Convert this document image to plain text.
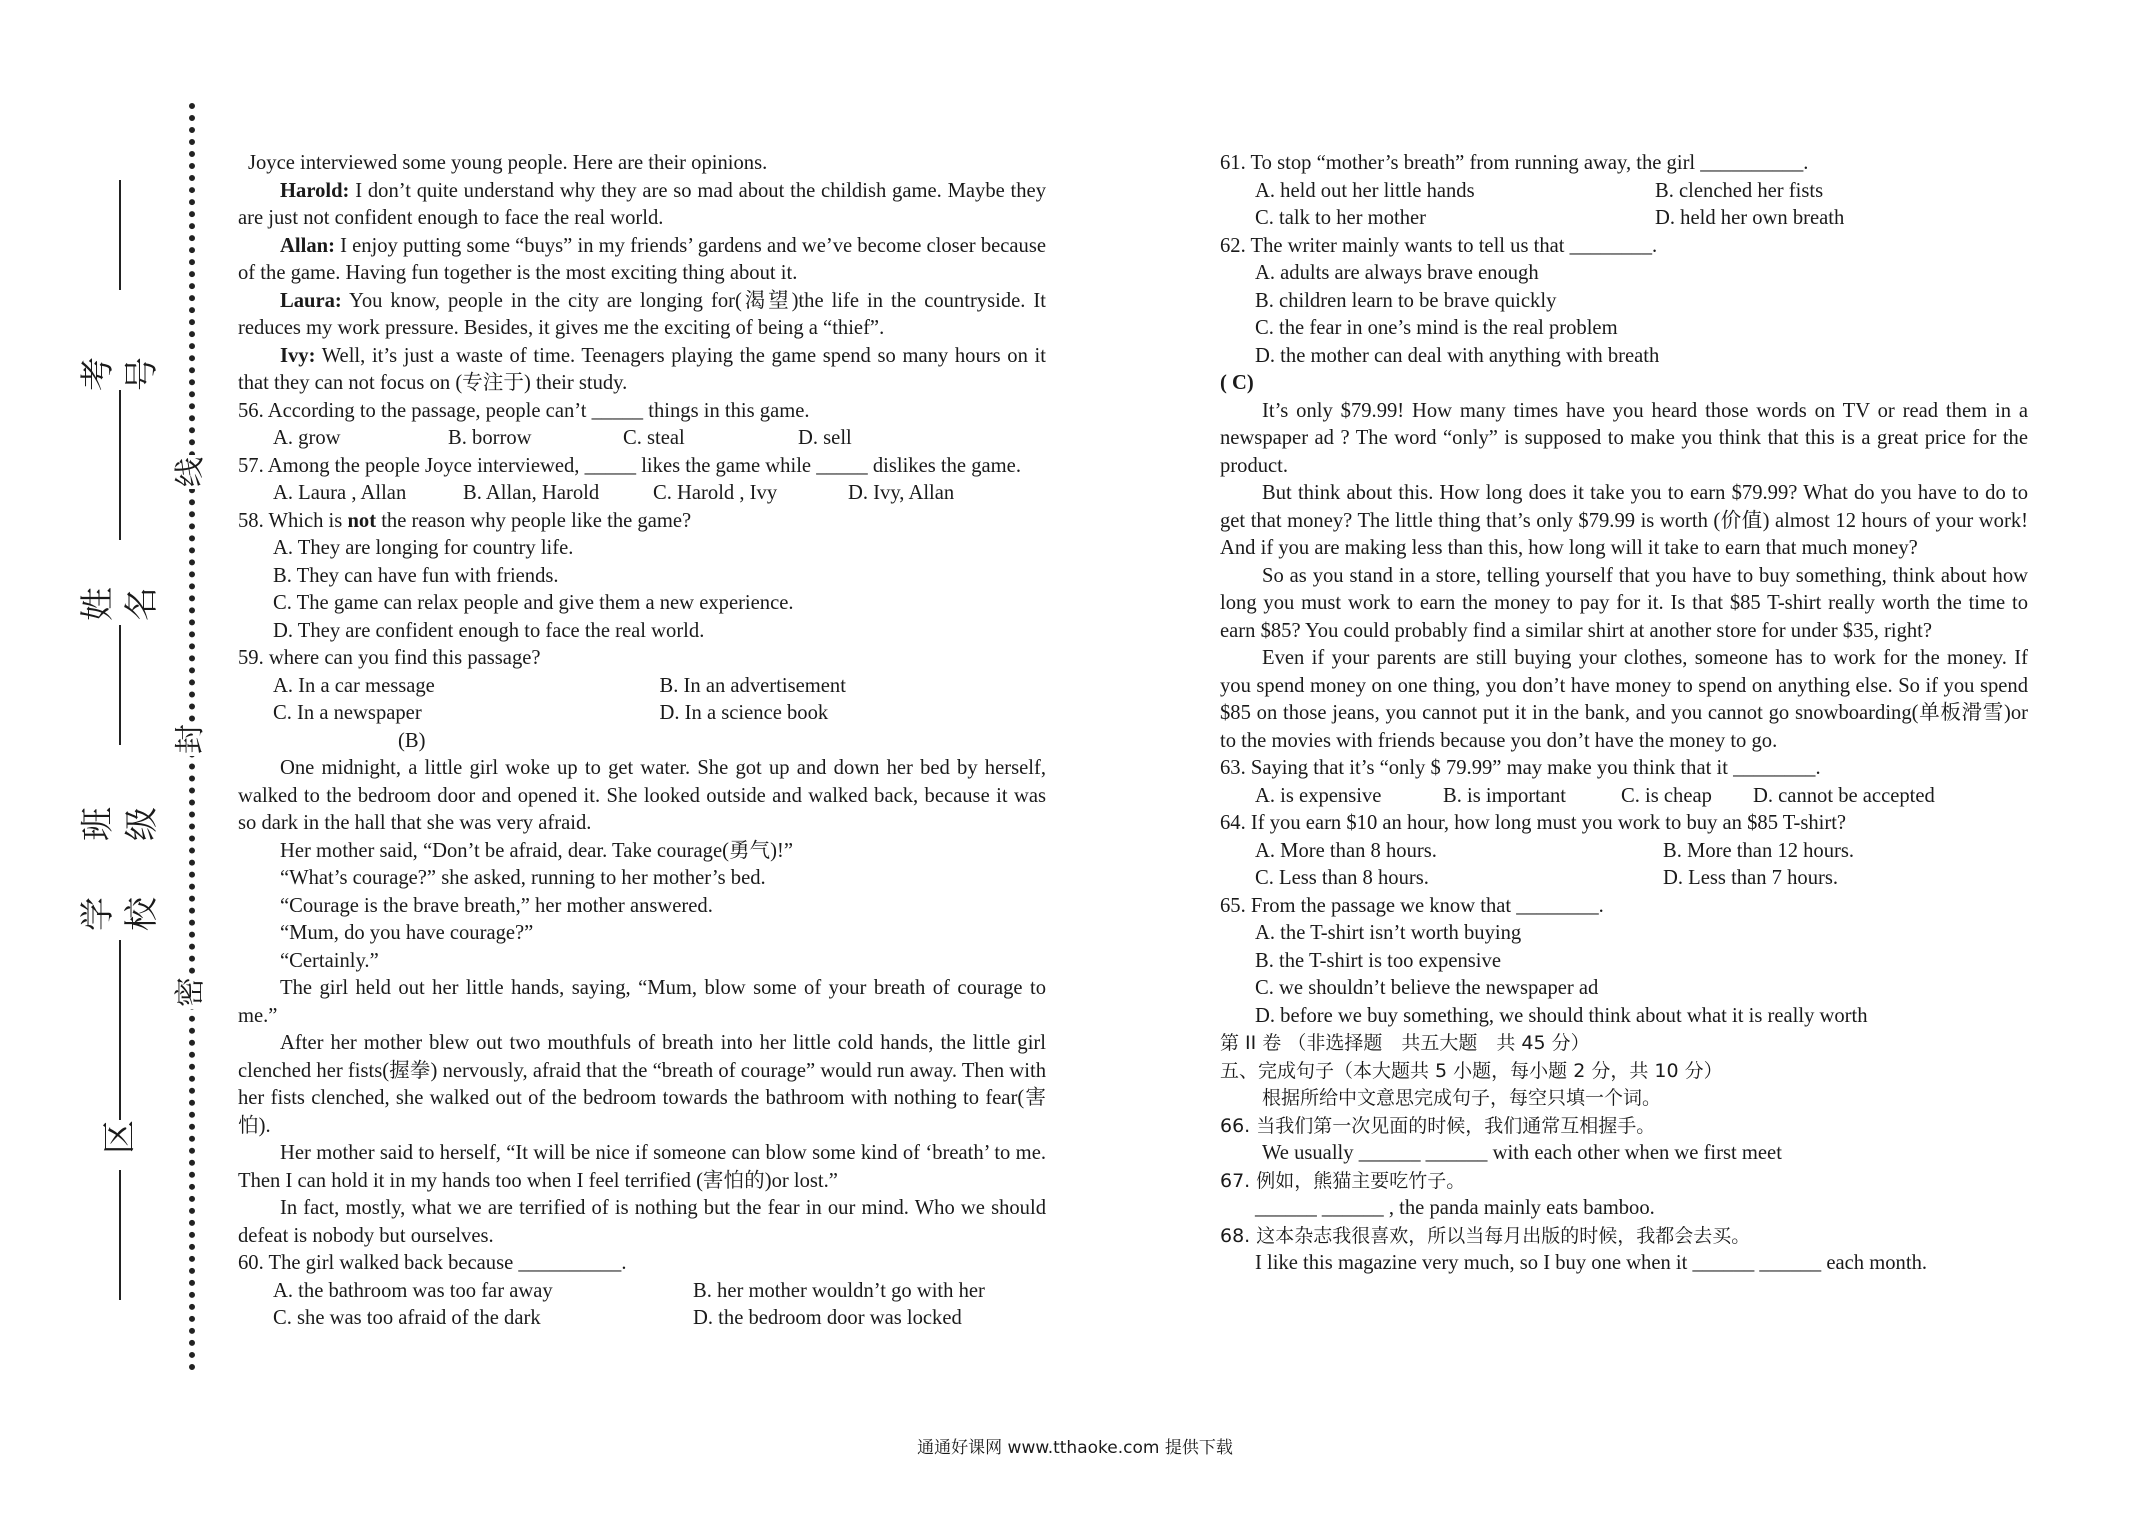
线
封
密
考号
姓名
班级
学校
区

Joyce interviewed some young people. Here are their opinions.

Harold: I don’t quite understand why they are so mad about the childish game. Maybe they are just not confident enough to face the real world.

Allan: I enjoy putting some “buys” in my friends’ gardens and we’ve become closer because of the game. Having fun together is the most exciting thing about it.

Laura: You know, people in the city are longing for(渴望)the life in the countryside. It reduces my work pressure. Besides, it gives me the exciting of being a “thief”.

Ivy: Well, it’s just a waste of time. Teenagers playing the game spend so many hours on it that they can not focus on (专注于) their study.

56. According to the passage, people can’t _____ things in this game.

A. grow	B. borrow	C. steal	D. sell

57. Among the people Joyce interviewed, _____ likes the game while _____ dislikes the game.

A. Laura , Allan	B. Allan, Harold	C. Harold , Ivy	D. Ivy, Allan

58. Which is not the reason why people like the game?

A. They are longing for country life.

B. They can have fun with friends.

C. The game can relax people and give them a new experience.

D. They are confident enough to face the real world.

59. where can you find this passage?

A. In a car message	B. In an advertisement
C. In a newspaper	D. In a science book

(B)

One midnight, a little girl woke up to get water. She got up and down her bed by herself, walked to the bedroom door and opened it. She looked outside and walked back, because it was so dark in the hall that she was very afraid.

Her mother said, “Don’t be afraid, dear. Take courage(勇气)!”

“What’s courage?” she asked, running to her mother’s bed.

“Courage is the brave breath,” her mother answered.

“Mum, do you have courage?”

“Certainly.”

The girl held out her little hands, saying, “Mum, blow some of your breath of courage to me.”

After her mother blew out two mouthfuls of breath into her little cold hands, the little girl clenched her fists(握拳) nervously, afraid that the “breath of courage” would run away. Then with her fists clenched, she walked out of the bedroom towards the bathroom with nothing to fear(害怕).

Her mother said to herself, “It will be nice if someone can blow some kind of ‘breath’ to me. Then I can hold it in my hands too when I feel terrified (害怕的)or lost.”

In fact, mostly, what we are terrified of is nothing but the fear in our mind. Who we should defeat is nobody but ourselves.

60. The girl walked back because __________.

A. the bathroom was too far away	B. her mother wouldn’t go with her
C. she was too afraid of the dark	D. the bedroom door was locked

61. To stop “mother’s breath” from running away, the girl __________.

A. held out her little hands	B. clenched her fists
C. talk to her mother	D. held her own breath

62. The writer mainly wants to tell us that ________.

A. adults are always brave enough

B. children learn to be brave quickly

C. the fear in one’s mind is the real problem

D. the mother can deal with anything with breath

( C)

It’s only $79.99! How many times have you heard those words on TV or read them in a newspaper ad ? The word “only” is supposed to make you think that this is a great price for the product.

But think about this. How long does it take you to earn $79.99? What do you have to do to get that money? The little thing that’s only $79.99 is worth (价值) almost 12 hours of your work! And if you are making less than this, how long will it take to earn that much money?

So as you stand in a store, telling yourself that you have to buy something, think about how long you must work to earn the money to pay for it. Is that $85 T-shirt really worth the time to earn $85? You could probably find a similar shirt at another store for under $35, right?

Even if your parents are still buying your clothes, someone has to work for the money. If you spend money on one thing, you don’t have money to spend on anything else. So if you spend $85 on those jeans, you cannot put it in the bank, and you cannot go snowboarding(单板滑雪)or to the movies with friends because you don’t have the money to go.

63. Saying that it’s “only $ 79.99” may make you think that it ________.

A. is expensive	B. is important	C. is cheap	D. cannot be accepted

64. If you earn $10 an hour, how long must you work to buy an $85 T-shirt?

A. More than 8 hours.	B. More than 12 hours.
C. Less than 8 hours.	D. Less than 7 hours.

65. From the passage we know that ________.

A. the T-shirt isn’t worth buying

B. the T-shirt is too expensive

C. we shouldn’t believe the newspaper ad

D. before we buy something, we should think about what it is really worth

第 II 卷 （非选择题　共五大题　共 45 分）

五、完成句子（本大题共 5 小题，每小题 2 分，共 10 分）

根据所给中文意思完成句子，每空只填一个词。

66. 当我们第一次见面的时候，我们通常互相握手。

We usually ______ ______ with each other when we first meet

67. 例如，熊猫主要吃竹子。

______ ______ , the panda mainly eats bamboo.

68. 这本杂志我很喜欢，所以当每月出版的时候，我都会去买。

I like this magazine very much, so I buy one when it ______ ______ each month.

通通好课网 www.tthaoke.com 提供下载
